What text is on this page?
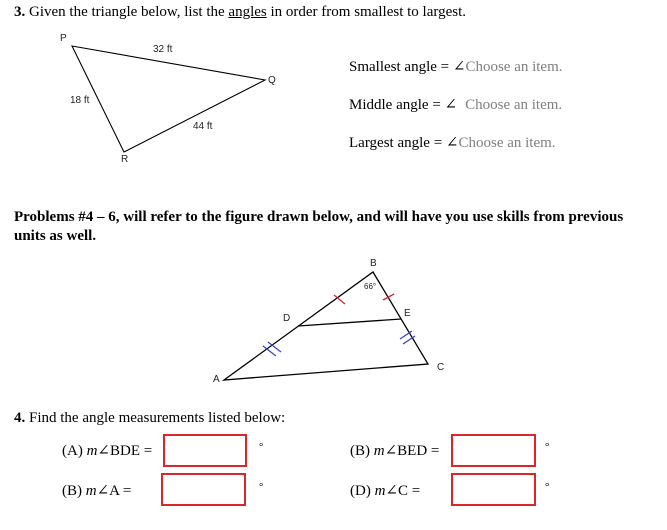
3. Given the triangle below, list the angles in order from smallest to largest.
P
Q
R
32 ft
18 ft
44 ft
Smallest angle = ∠Choose an item.
Middle angle = ∠ Choose an item.
Largest angle = ∠Choose an item.
Problems #4 – 6, will refer to the figure drawn below, and will have you use skills from previous units as well.
B
66°
D	E
C
A
4. Find the angle measurements listed below:
(A) m∠BDE =	°	(B) m∠BED =	°
(B) m∠A =	°	(D) m∠C =	°
